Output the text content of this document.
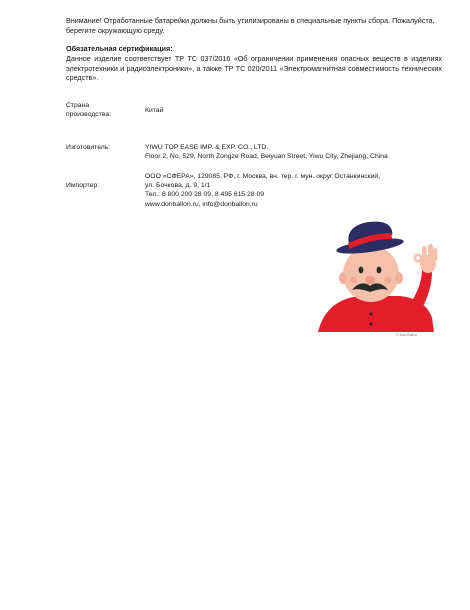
Внимание! Отработанные батарейки должны быть утилизированы в специальные пункты сбора. Пожалуйста, берегите окружающую среду.

Обязательная сертификация:

Данное изделие соответствует ТР ТС 037/2016 «Об ограничении применения опасных веществ в изделиях электротехники и радиоэлектроники», а также ТР ТС 020/2011 «Электромагнитная совместимость технических средств».

Страна
производства:
Китай
Изготовитель:	YIWU TOP EASE IMP. & EXP. CO., LTD.
Floor 2, No. 529, North Zongze Road, Beiyuan Street, Yiwu City, Zhejiang, China
Импортер:
ООО «СФЕРА», 129085, РФ, г. Москва, вн. тер. г. мун. округ Останкинский,
ул. Бочкова, д. 9, 1/1
Тел.: 8 800 200 28 09, 8 495 615 28 09
www.donballon.ru, info@donballon.ru
© Don Ballon
